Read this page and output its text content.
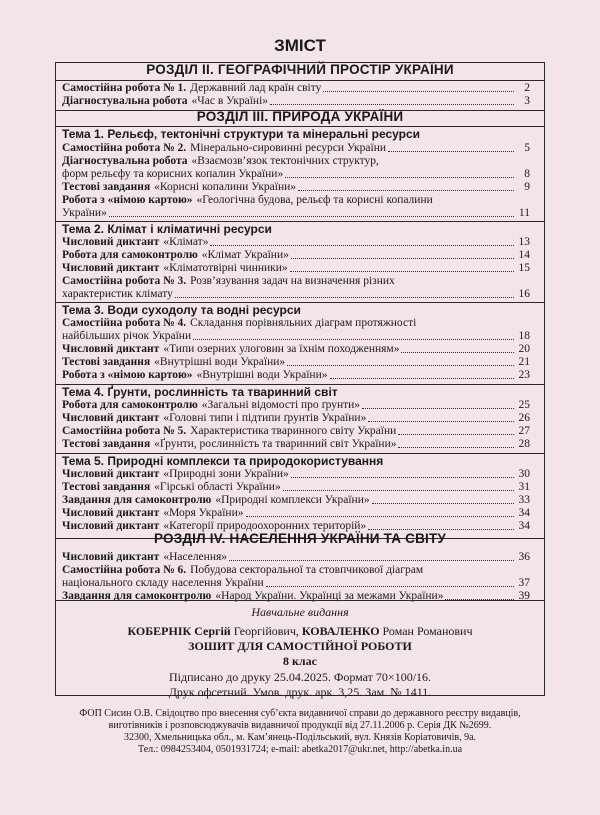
ЗМІСТ
РОЗДІЛ ІІ. ГЕОГРАФІЧНИЙ ПРОСТІР УКРАЇНИ
Самостійна робота № 1. Державний лад країн світу	2
Діагностувальна робота «Час в Україні»	3
РОЗДІЛ ІІІ. ПРИРОДА УКРАЇНИ
Тема 1. Рельєф, тектонічні структури та мінеральні ресурси
Самостійна робота № 2. Мінерально-сировинні ресурси України	5
Діагностувальна робота «Взаємозв’язок тектонічних структур,
форм рельєфу та корисних копалин України»	8
Тестові завдання «Корисні копалини України»	9
Робота з «німою картою» «Геологічна будова, рельєф та корисні копалини
України»	11
Тема 2. Клімат і кліматичні ресурси
Числовий диктант «Клімат»	13
Робота для самоконтролю «Клімат України»	14
Числовий диктант «Кліматотвірні чинники»	15
Самостійна робота № 3. Розв’язування задач на визначення різних
характеристик клімату	16
Тема 3. Води суходолу та водні ресурси
Самостійна робота № 4. Складання порівняльних діаграм протяжності
найбільших річок України	18
Числовий диктант «Типи озерних улоговин за їхнім походженням»	20
Тестові завдання «Внутрішні води України»	21
Робота з «німою картою» «Внутрішні води України»	23
Тема 4. Ґрунти, рослинність та тваринний світ
Робота для самоконтролю «Загальні відомості про ґрунти»	25
Числовий диктант «Головні типи і підтипи ґрунтів України»	26
Самостійна робота № 5. Характеристика тваринного світу України	27
Тестові завдання «Ґрунти, рослинність та тваринний світ України»	28
Тема 5. Природні комплекси та природокористування
Числовий диктант «Природні зони України»	30
Тестові завдання «Гірські області України»	31
Завдання для самоконтролю «Природні комплекси України»	33
Числовий диктант «Моря України»	34
Числовий диктант «Категорії природоохоронних територій»	34
РОЗДІЛ ІV. НАСЕЛЕННЯ УКРАЇНИ ТА СВІТУ
Числовий диктант «Населення»	36
Самостійна робота № 6. Побудова секторальної та стовпчикової діаграм
національного складу населення України	37
Завдання для самоконтролю «Народ України. Українці за межами України»	39
Навчальне видання
КОБЕРНІК Сергій Георгійович, КОВАЛЕНКО Роман Романович
ЗОШИТ ДЛЯ САМОСТІЙНОЇ РОБОТИ
8 клас
Підписано до друку 25.04.2025. Формат 70×100/16.
Друк офсетний. Умов. друк. арк. 3,25. Зам. № 1411.
ФОП Сисин О.В. Свідоцтво про внесення суб’єкта видавничої справи до державного реєстру видавців,
виготівників і розповсюджувачів видавничої продукції від 27.11.2006 р. Серія ДК №2699.
32300, Хмельницька обл., м. Кам’янець-Подільський, вул. Князів Коріатовичів, 9а.
Тел.: 0984253404, 0501931724; e-mail: abetka2017@ukr.net, http://abetka.in.ua
